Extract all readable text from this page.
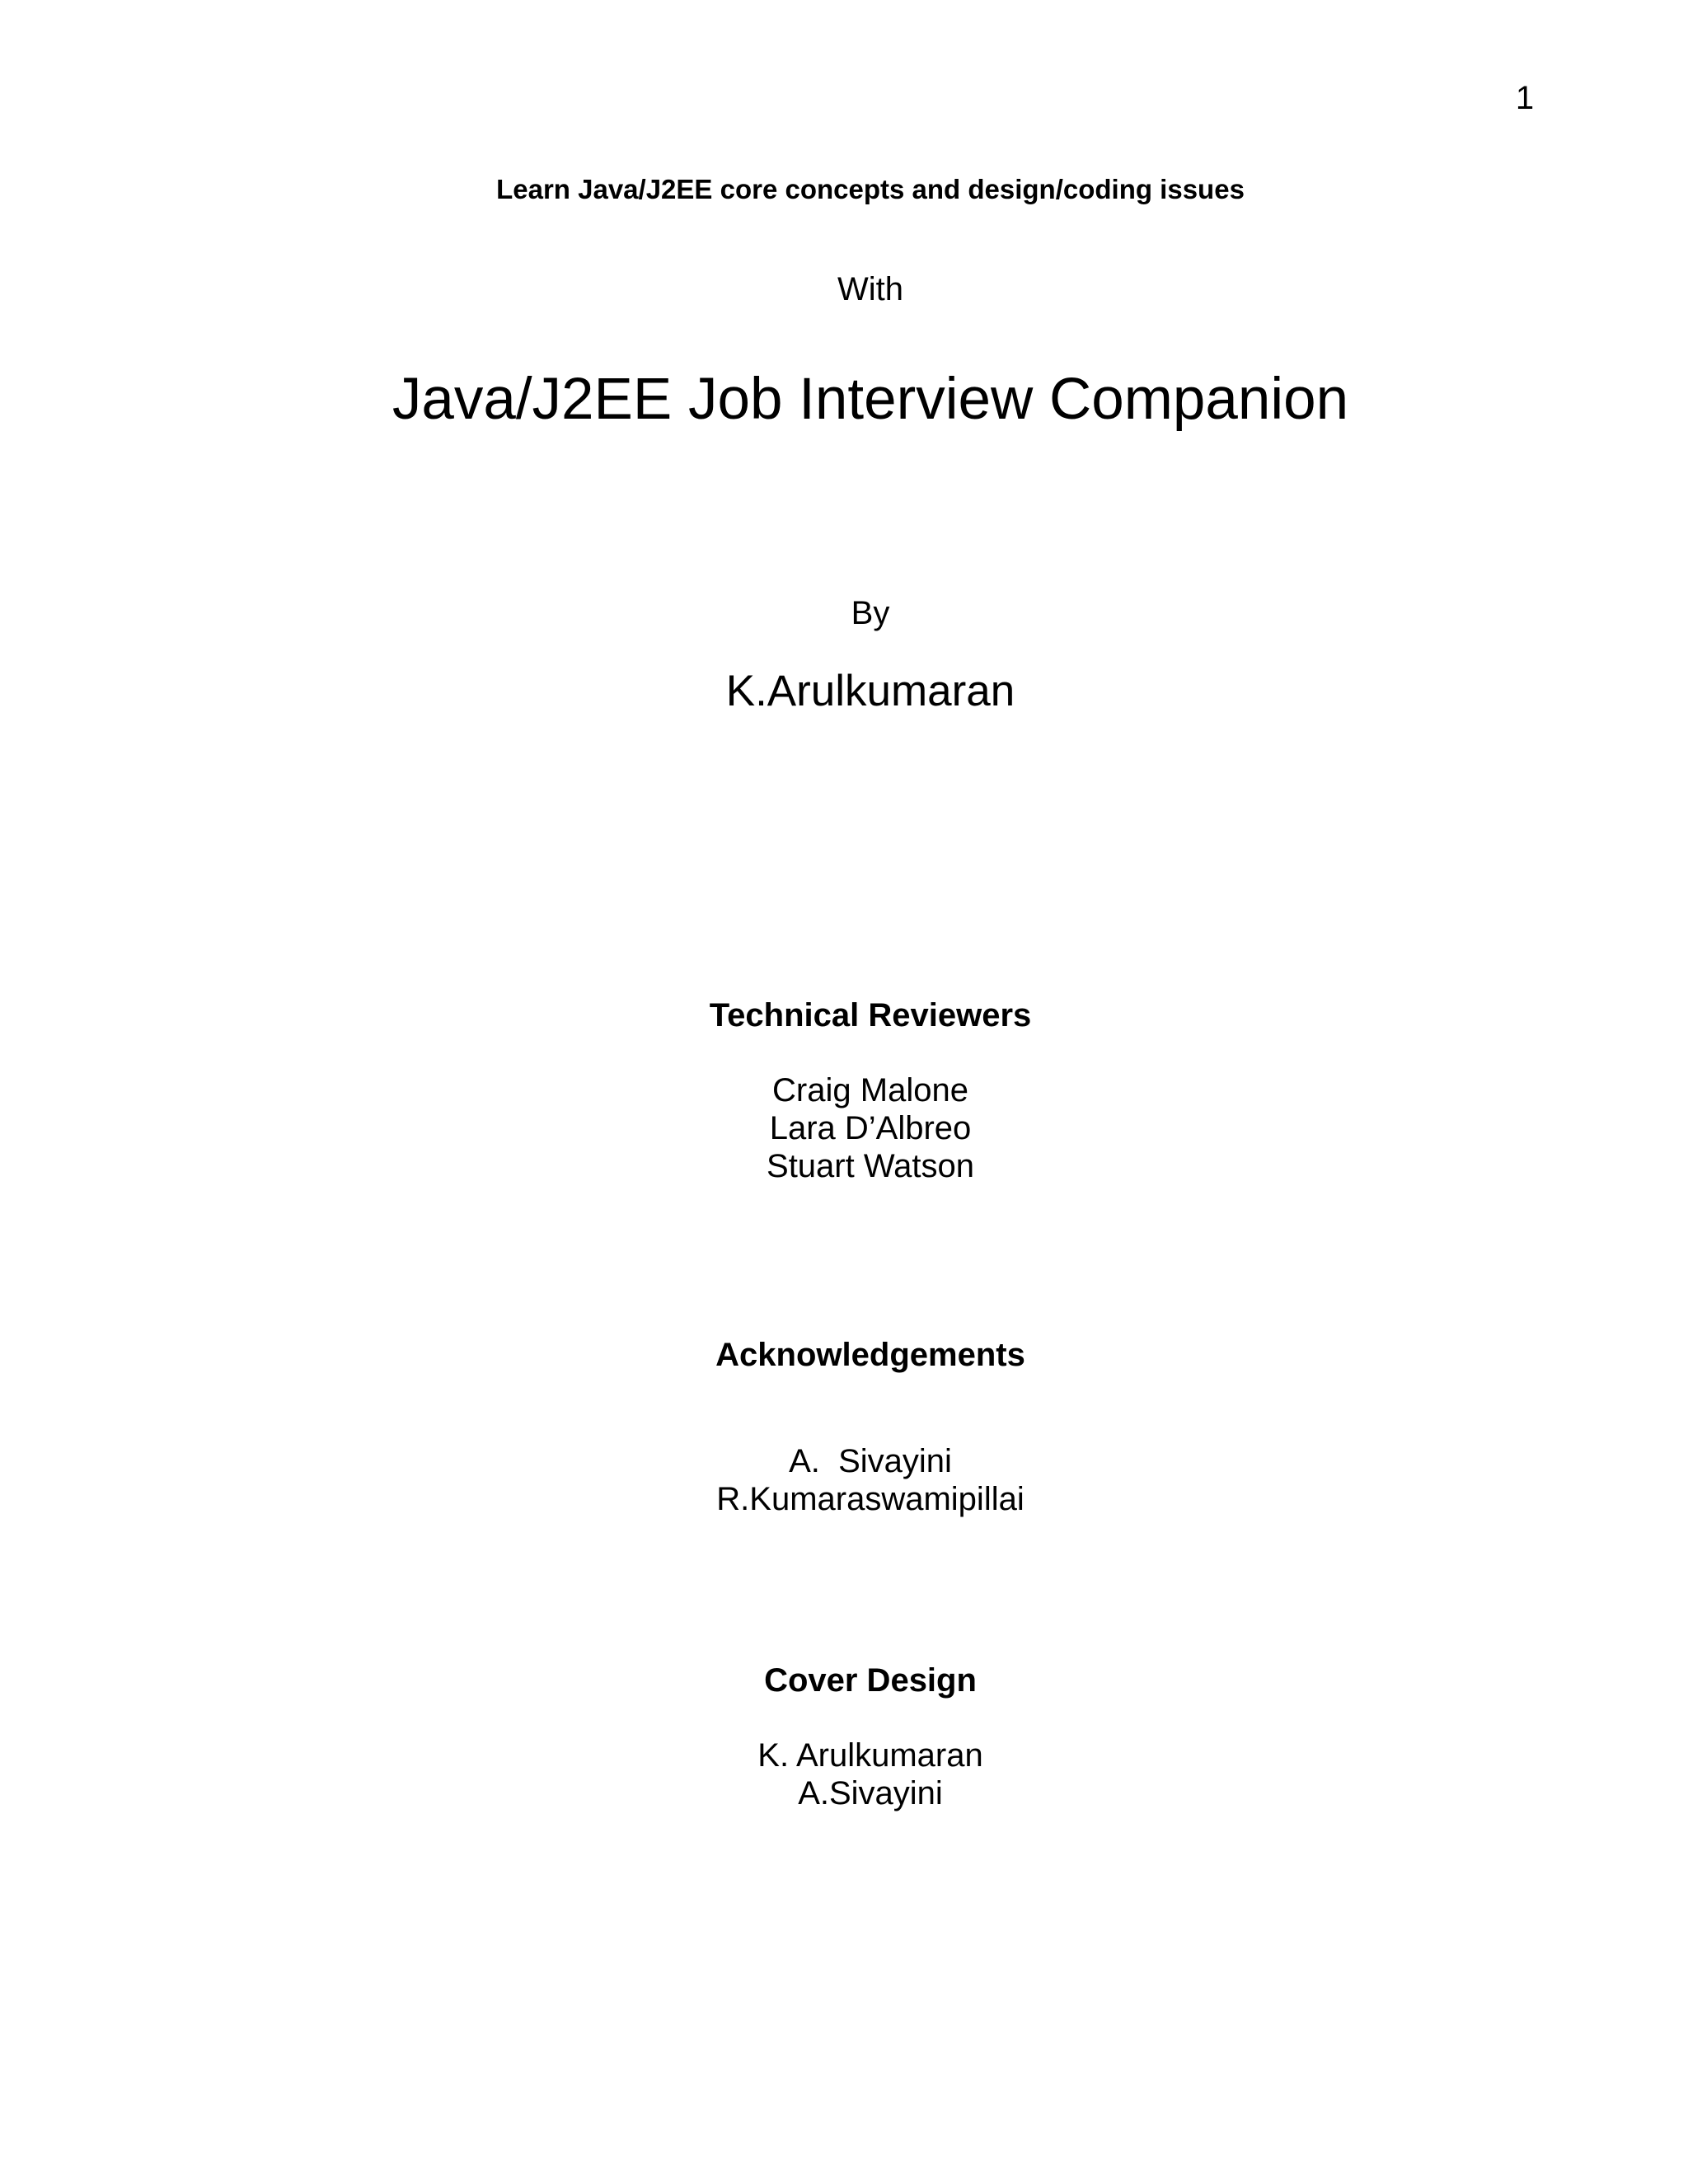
1
Learn Java/J2EE core concepts and design/coding issues
With
Java/J2EE Job Interview Companion
By
K.Arulkumaran
Technical Reviewers
Craig Malone
Lara D’Albreo
Stuart Watson
Acknowledgements
A.  Sivayini
R.Kumaraswamipillai
Cover Design
K. Arulkumaran
A.Sivayini
